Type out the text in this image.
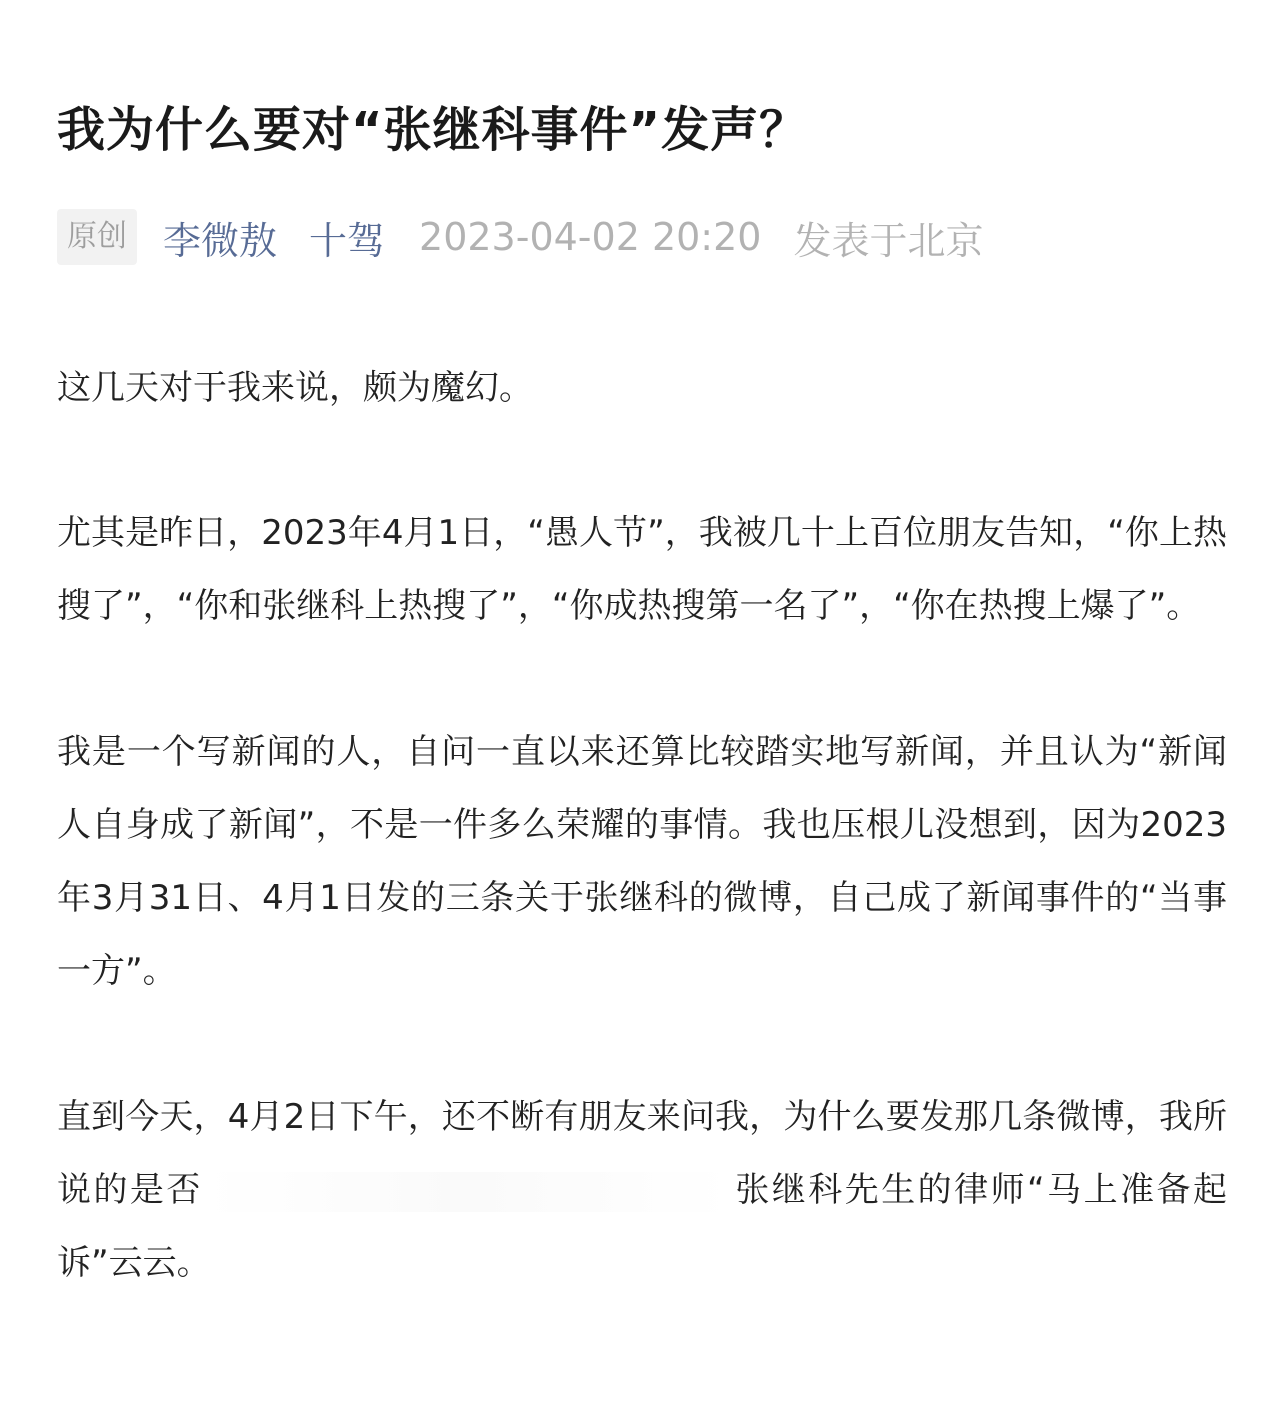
我为什么要对“张继科事件”发声？
原创 李微敖 十驾 2023-04-02 20:20 发表于北京

这几天对于我来说，颇为魔幻。

尤其是昨日，2023年4月1日，“愚人节”，我被几十上百位朋友告知，“你上热搜了”，“你和张继科上热搜了”，“你成热搜第一名了”，“你在热搜上爆了”。

我是一个写新闻的人，自问一直以来还算比较踏实地写新闻，并且认为“新闻人自身成了新闻”，不是一件多么荣耀的事情。我也压根儿没想到，因为2023年3月31日、4月1日发的三条关于张继科的微博，自己成了新闻事件的“当事一方”。

直到今天，4月2日下午，还不断有朋友来问我，为什么要发那几条微博，我所说的是否	张继科先生的律师“马上准备起诉”云云。
